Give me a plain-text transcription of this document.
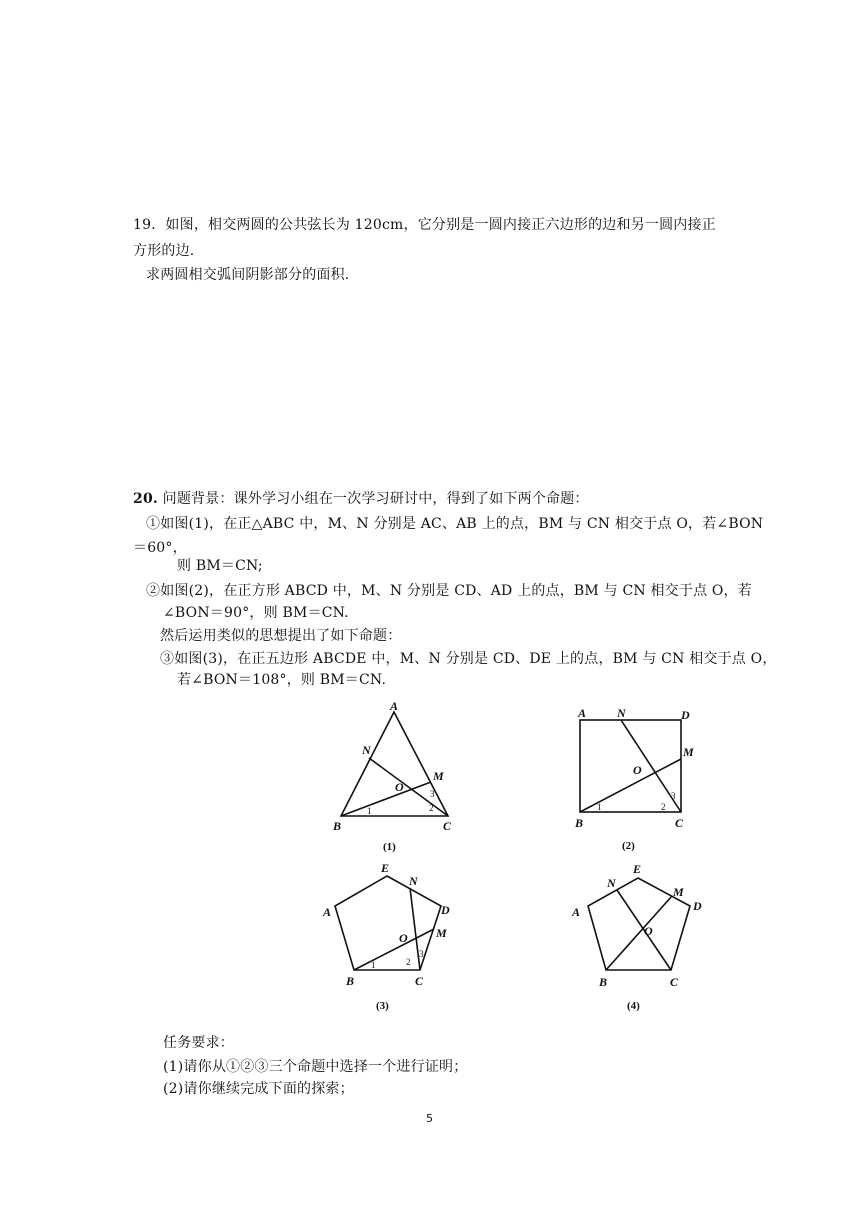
19．如图，相交两圆的公共弦长为 120cm，它分别是一圆内接正六边形的边和另一圆内接正
方形的边.
求两圆相交弧间阴影部分的面积.
20. 问题背景：课外学习小组在一次学习研讨中，得到了如下两个命题：
①如图(1)，在正△ABC 中，M、N 分别是 AC、AB 上的点，BM 与 CN 相交于点 O，若∠BON
＝60°，
则 BM＝CN;
②如图(2)，在正方形 ABCD 中，M、N 分别是 CD、AD 上的点，BM 与 CN 相交于点 O，若
∠BON＝90°，则 BM＝CN.
然后运用类似的思想提出了如下命题：
③如图(3)，在正五边形 ABCDE 中，M、N 分别是 CD、DE 上的点，BM 与 CN 相交于点 O，
若∠BON＝108°，则 BM＝CN.
A
B	C
M
N
O
1	2
3
(1)
A	N	D
M
O
B	C
1	2
3
(2)
E
N
D
A
M
O
B	C
1	2
3
(3)
E
N
M
D
A
O
B	C
(4)
任务要求：
(1)请你从①②③三个命题中选择一个进行证明；
(2)请你继续完成下面的探索；
5
